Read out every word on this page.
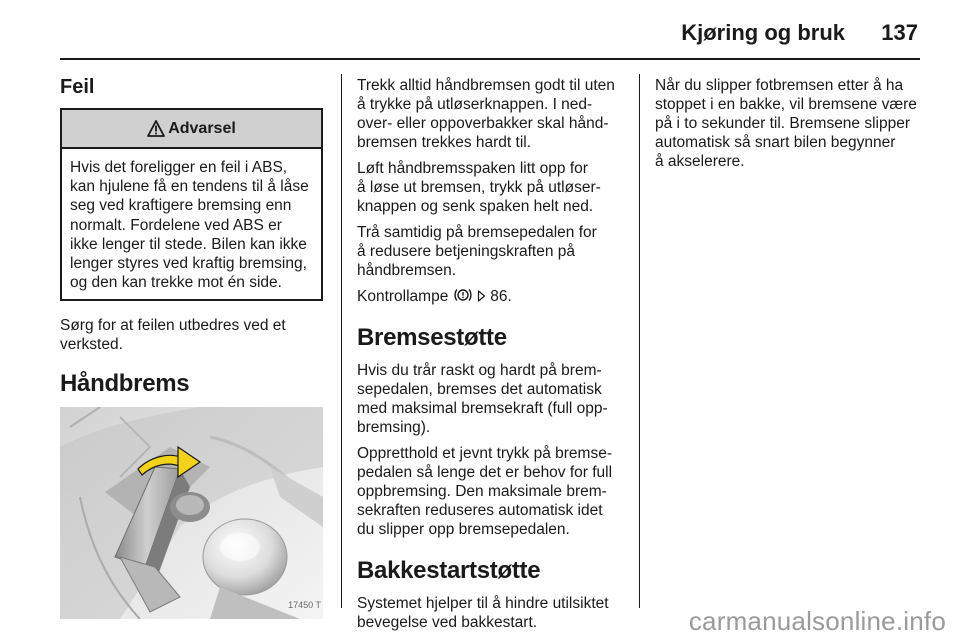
Kjøring og bruk 137
Feil
Advarsel
Hvis det foreligger en feil i ABS,
kan hjulene få en tendens til å låse
seg ved kraftigere bremsing enn
normalt. Fordelene ved ABS er
ikke lenger til stede. Bilen kan ikke
lenger styres ved kraftig bremsing,
og den kan trekke mot én side.

Sørg for at feilen utbedres ved et
verksted.

Håndbrems
17450 T

Trekk alltid håndbremsen godt til uten
å trykke på utløserknappen. I ned-
over- eller oppoverbakker skal hånd-
bremsen trekkes hardt til.

Løft håndbremsspaken litt opp for
å løse ut bremsen, trykk på utløser-
knappen og senk spaken helt ned.

Trå samtidig på bremsepedalen for
å redusere betjeningskraften på
håndbremsen.

Kontrollampe	86.

Bremsestøtte

Hvis du trår raskt og hardt på brem-
sepedalen, bremses det automatisk
med maksimal bremsekraft (full opp-
bremsing).

Oppretthold et jevnt trykk på bremse-
pedalen så lenge det er behov for full
oppbremsing. Den maksimale brem-
sekraften reduseres automatisk idet
du slipper opp bremsepedalen.

Bakkestartstøtte

Systemet hjelper til å hindre utilsiktet
bevegelse ved bakkestart.

Når du slipper fotbremsen etter å ha
stoppet i en bakke, vil bremsene være
på i to sekunder til. Bremsene slipper
automatisk så snart bilen begynner
å akselerere.

carmanualsonline.info
